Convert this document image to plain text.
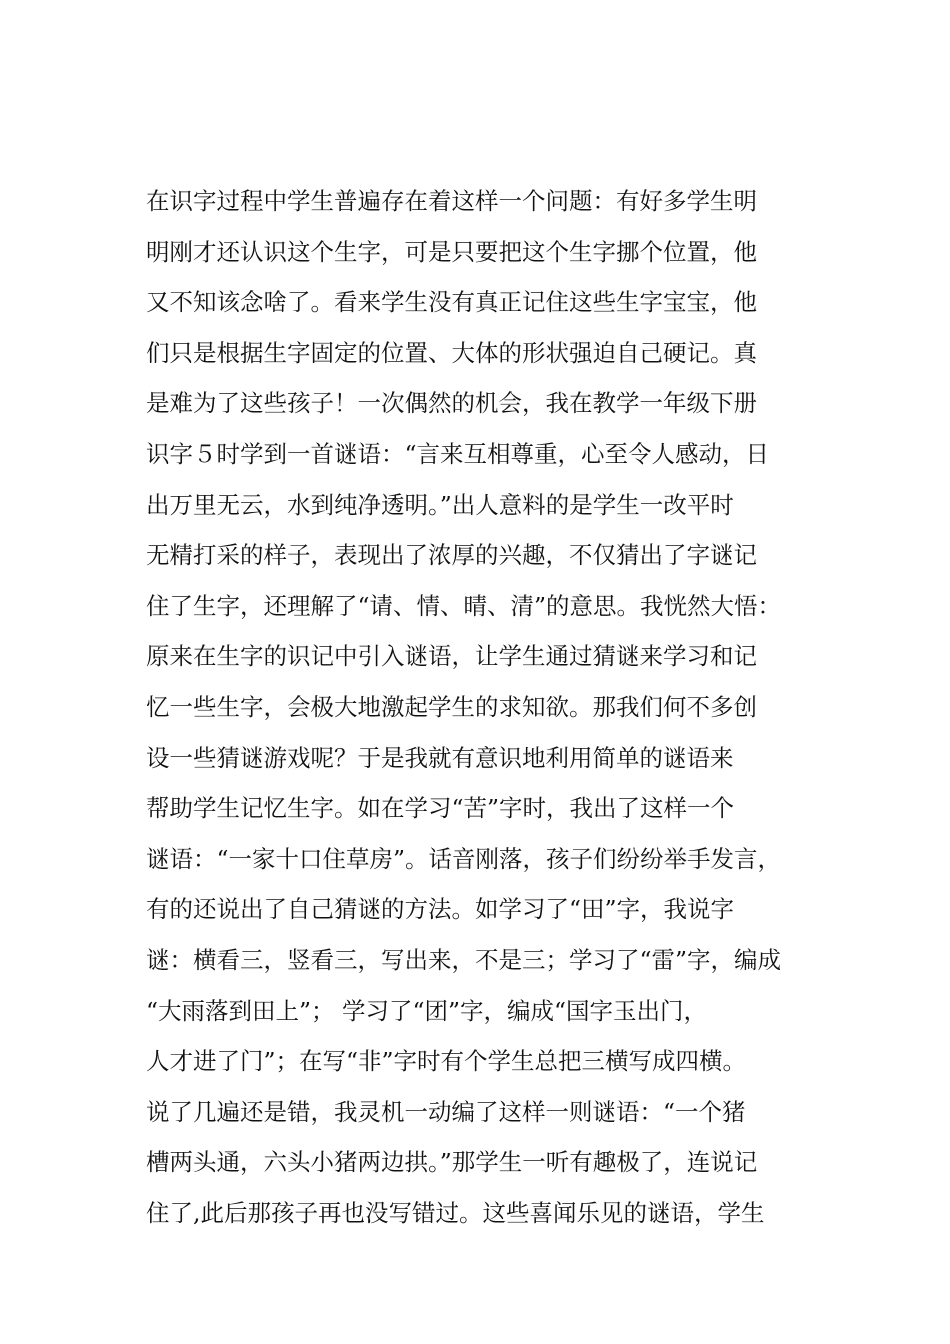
在识字过程中学生普遍存在着这样一个问题：有好多学生明
明刚才还认识这个生字，可是只要把这个生字挪个位置，他
又不知该念啥了。看来学生没有真正记住这些生字宝宝，他
们只是根据生字固定的位置、大体的形状强迫自己硬记。真
是难为了这些孩子！一次偶然的机会，我在教学一年级下册
识字５时学到一首谜语：“言来互相尊重，心至令人感动，日
出万里无云，水到纯净透明。”出人意料的是学生一改平时
无精打采的样子，表现出了浓厚的兴趣，不仅猜出了字谜记
住了生字，还理解了“请、情、晴、清”的意思。我恍然大悟：
原来在生字的识记中引入谜语，让学生通过猜谜来学习和记
忆一些生字，会极大地激起学生的求知欲。那我们何不多创
设一些猜谜游戏呢？于是我就有意识地利用简单的谜语来
帮助学生记忆生字。如在学习“苦”字时，我出了这样一个
谜语：“一家十口住草房”。话音刚落，孩子们纷纷举手发言，
有的还说出了自己猜谜的方法。如学习了“田”字，我说字
谜：横看三，竖看三，写出来，不是三；学习了“雷”字，编成
“大雨落到田上”； 学习了“团”字，编成“国字玉出门，
人才进了门”；在写“非”字时有个学生总把三横写成四横。
说了几遍还是错，我灵机一动编了这样一则谜语：“一个猪
槽两头通，六头小猪两边拱。”那学生一听有趣极了，连说记
住了,此后那孩子再也没写错过。这些喜闻乐见的谜语，学生
